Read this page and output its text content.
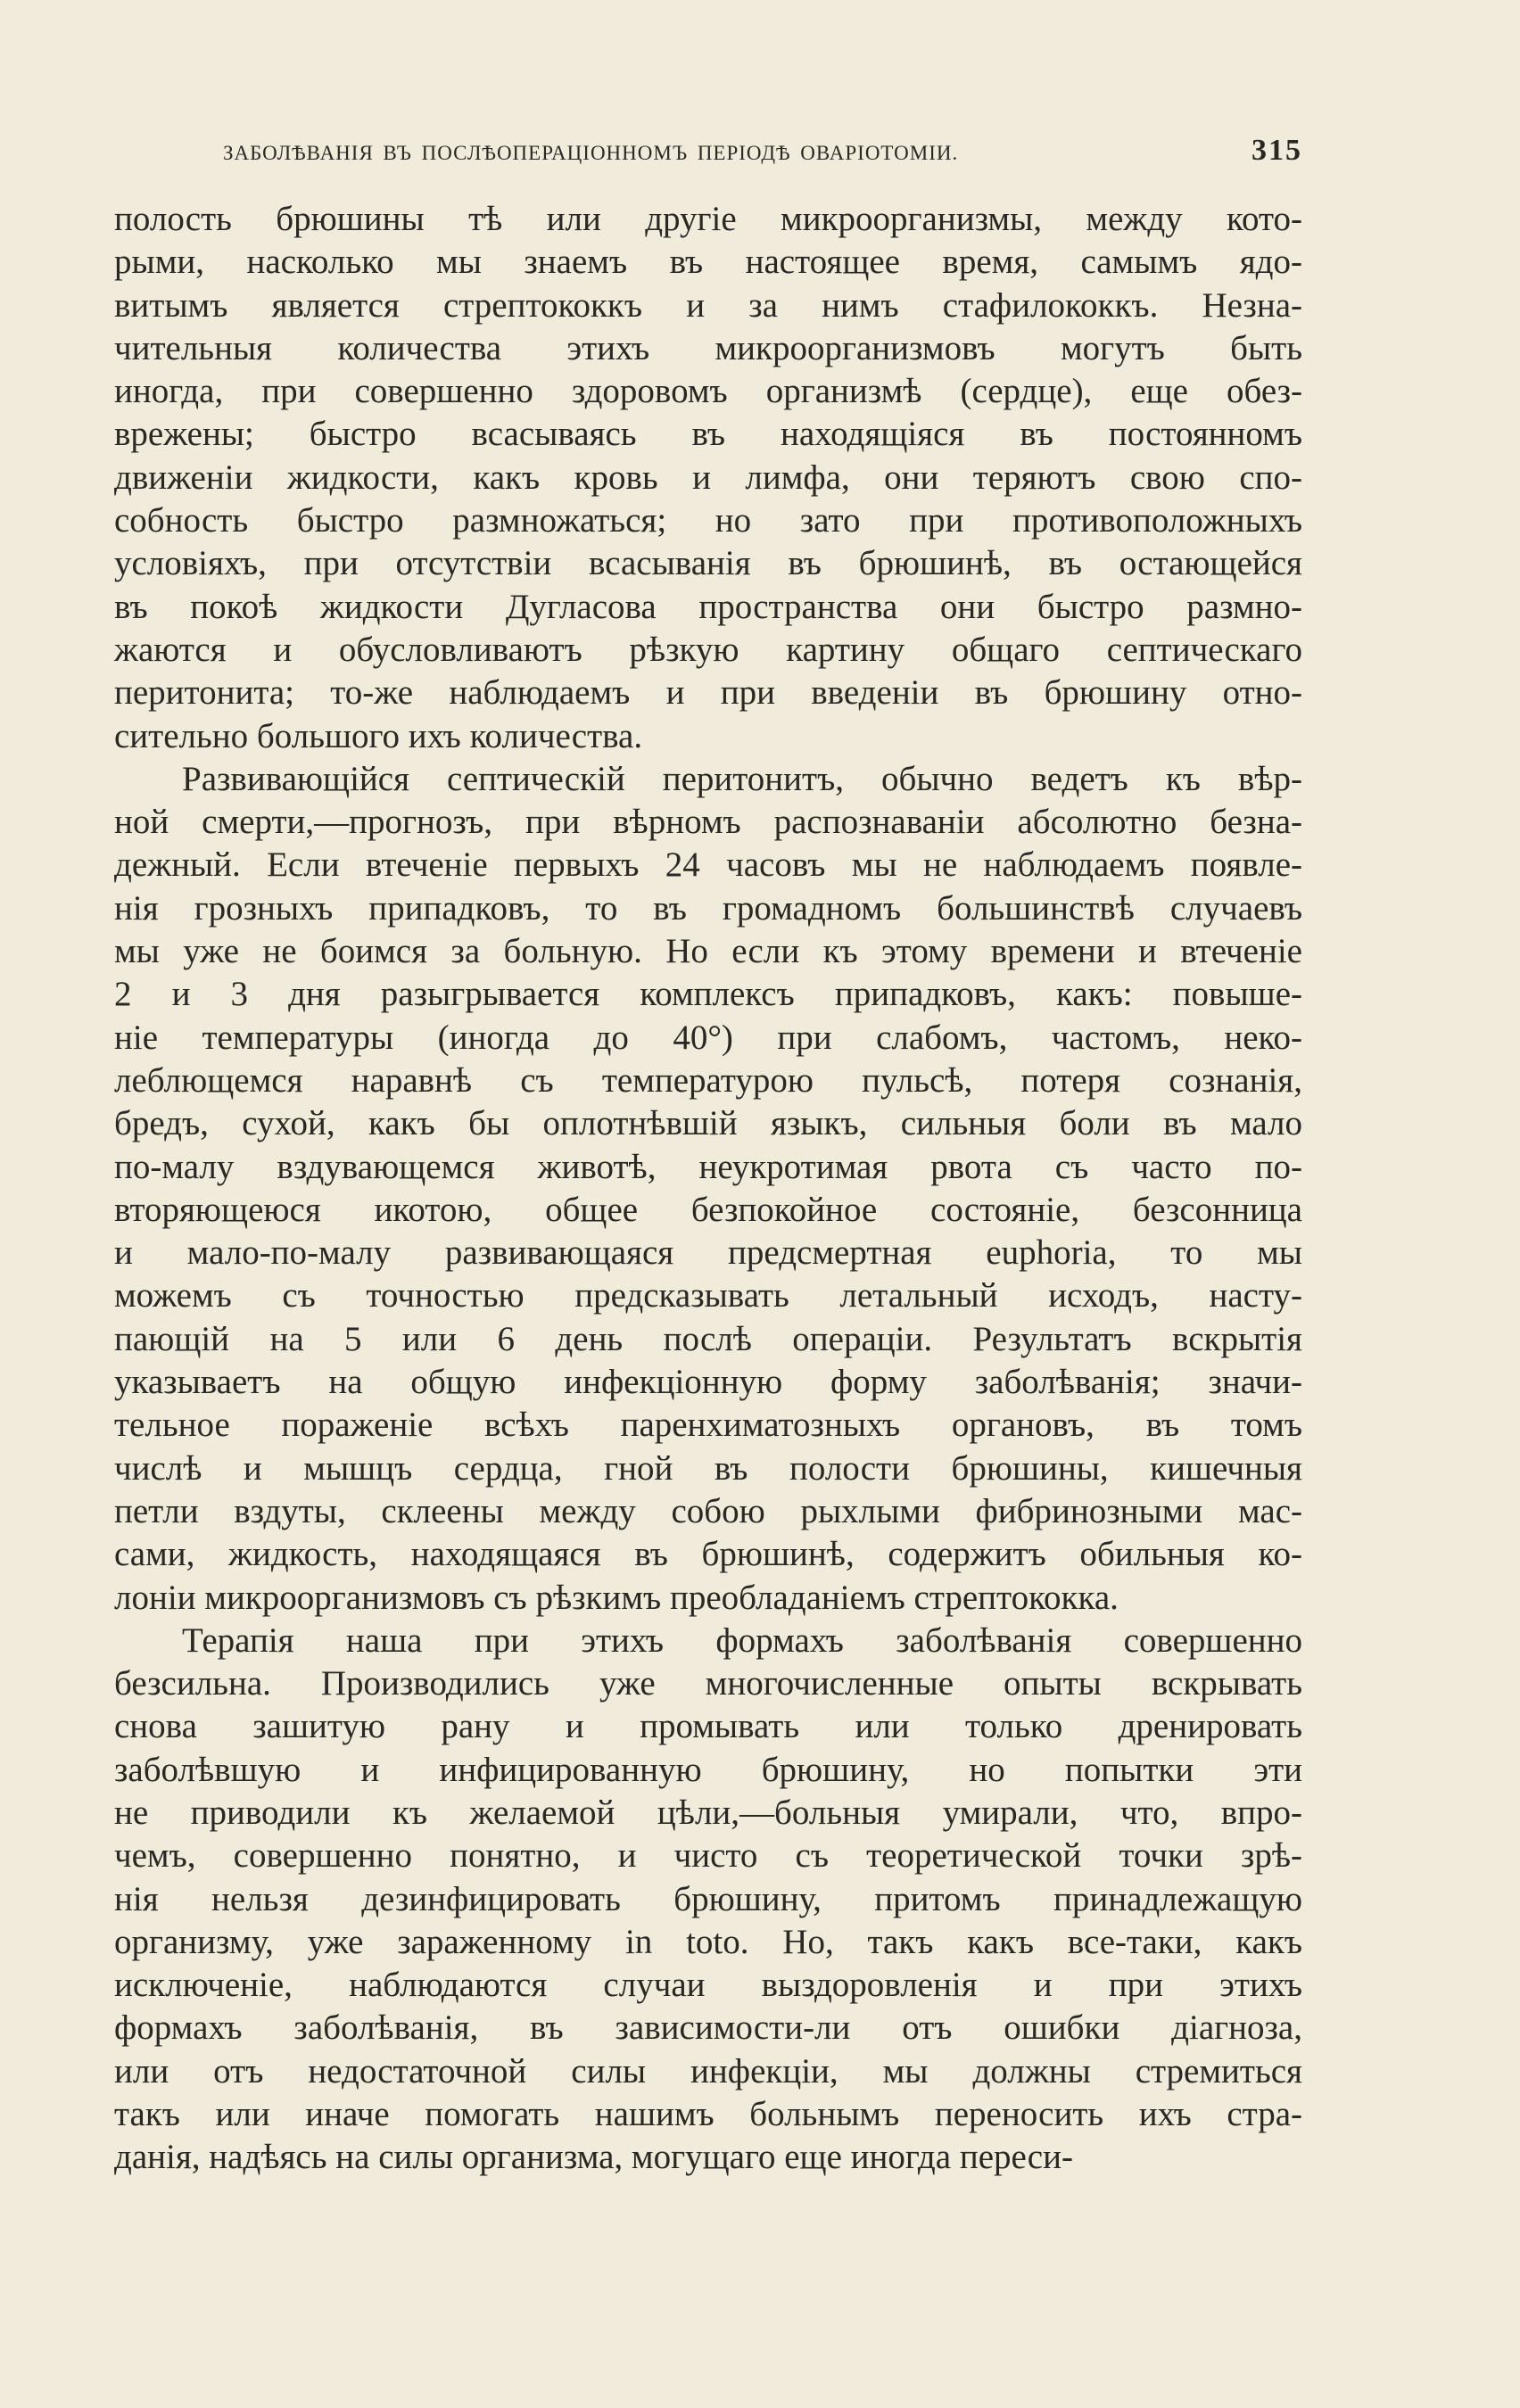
ЗАБОЛѢВАНІЯ ВЪ ПОСЛѢОПЕРАЦІОННОМЪ ПЕРІОДѢ ОВАРІОТОМІИ.	315
полость брюшины тѣ или другіе микроорганизмы, между кото-
рыми, насколько мы знаемъ въ настоящее время, самымъ ядо-
витымъ является стрептококкъ и за нимъ стафилококкъ. Незна-
чительныя количества этихъ микроорганизмовъ могутъ быть
иногда, при совершенно здоровомъ организмѣ (сердце), еще обез-
врежены; быстро всасываясь въ находящіяся въ постоянномъ
движеніи жидкости, какъ кровь и лимфа, они теряютъ свою спо-
собность быстро размножаться; но зато при противоположныхъ
условіяхъ, при отсутствіи всасыванія въ брюшинѣ, въ остающейся
въ покоѣ жидкости Дугласова пространства они быстро размно-
жаются и обусловливаютъ рѣзкую картину общаго септическаго
перитонита; то-же наблюдаемъ и при введеніи въ брюшину отно-
сительно большого ихъ количества.
Развивающійся септическій перитонитъ, обычно ведетъ къ вѣр-
ной смерти,—прогнозъ, при вѣрномъ распознаваніи абсолютно безна-
дежный. Если втеченіе первыхъ 24 часовъ мы не наблюдаемъ появле-
нія грозныхъ припадковъ, то въ громадномъ большинствѣ случаевъ
мы уже не боимся за больную. Но если къ этому времени и втеченіе
2 и 3 дня разыгрывается комплексъ припадковъ, какъ: повыше-
ніе температуры (иногда до 40°) при слабомъ, частомъ, неко-
леблющемся наравнѣ съ температурою пульсѣ, потеря сознанія,
бредъ, сухой, какъ бы оплотнѣвшій языкъ, сильныя боли въ мало
по-малу вздувающемся животѣ, неукротимая рвота съ часто по-
вторяющеюся икотою, общее безпокойное состояніе, безсонница
и мало-по-малу развивающаяся предсмертная euphoria, то мы
можемъ съ точностью предсказывать летальный исходъ, насту-
пающій на 5 или 6 день послѣ операціи. Результатъ вскрытія
указываетъ на общую инфекціонную форму заболѣванія; значи-
тельное пораженіе всѣхъ паренхиматозныхъ органовъ, въ томъ
числѣ и мышцъ сердца, гной въ полости брюшины, кишечныя
петли вздуты, склеены между собою рыхлыми фибринозными мас-
сами, жидкость, находящаяся въ брюшинѣ, содержитъ обильныя ко-
лоніи микроорганизмовъ съ рѣзкимъ преобладаніемъ стрептококка.
Терапія наша при этихъ формахъ заболѣванія совершенно
безсильна. Производились уже многочисленные опыты вскрывать
снова зашитую рану и промывать или только дренировать
заболѣвшую и инфицированную брюшину, но попытки эти
не приводили къ желаемой цѣли,—больныя умирали, что, впро-
чемъ, совершенно понятно, и чисто съ теоретической точки зрѣ-
нія нельзя дезинфицировать брюшину, притомъ принадлежащую
организму, уже зараженному in toto. Но, такъ какъ все-таки, какъ
исключеніе, наблюдаются случаи выздоровленія и при этихъ
формахъ заболѣванія, въ зависимости-ли отъ ошибки діагноза,
или отъ недостаточной силы инфекціи, мы должны стремиться
такъ или иначе помогать нашимъ больнымъ переносить ихъ стра-
данія, надѣясь на силы организма, могущаго еще иногда переси-
